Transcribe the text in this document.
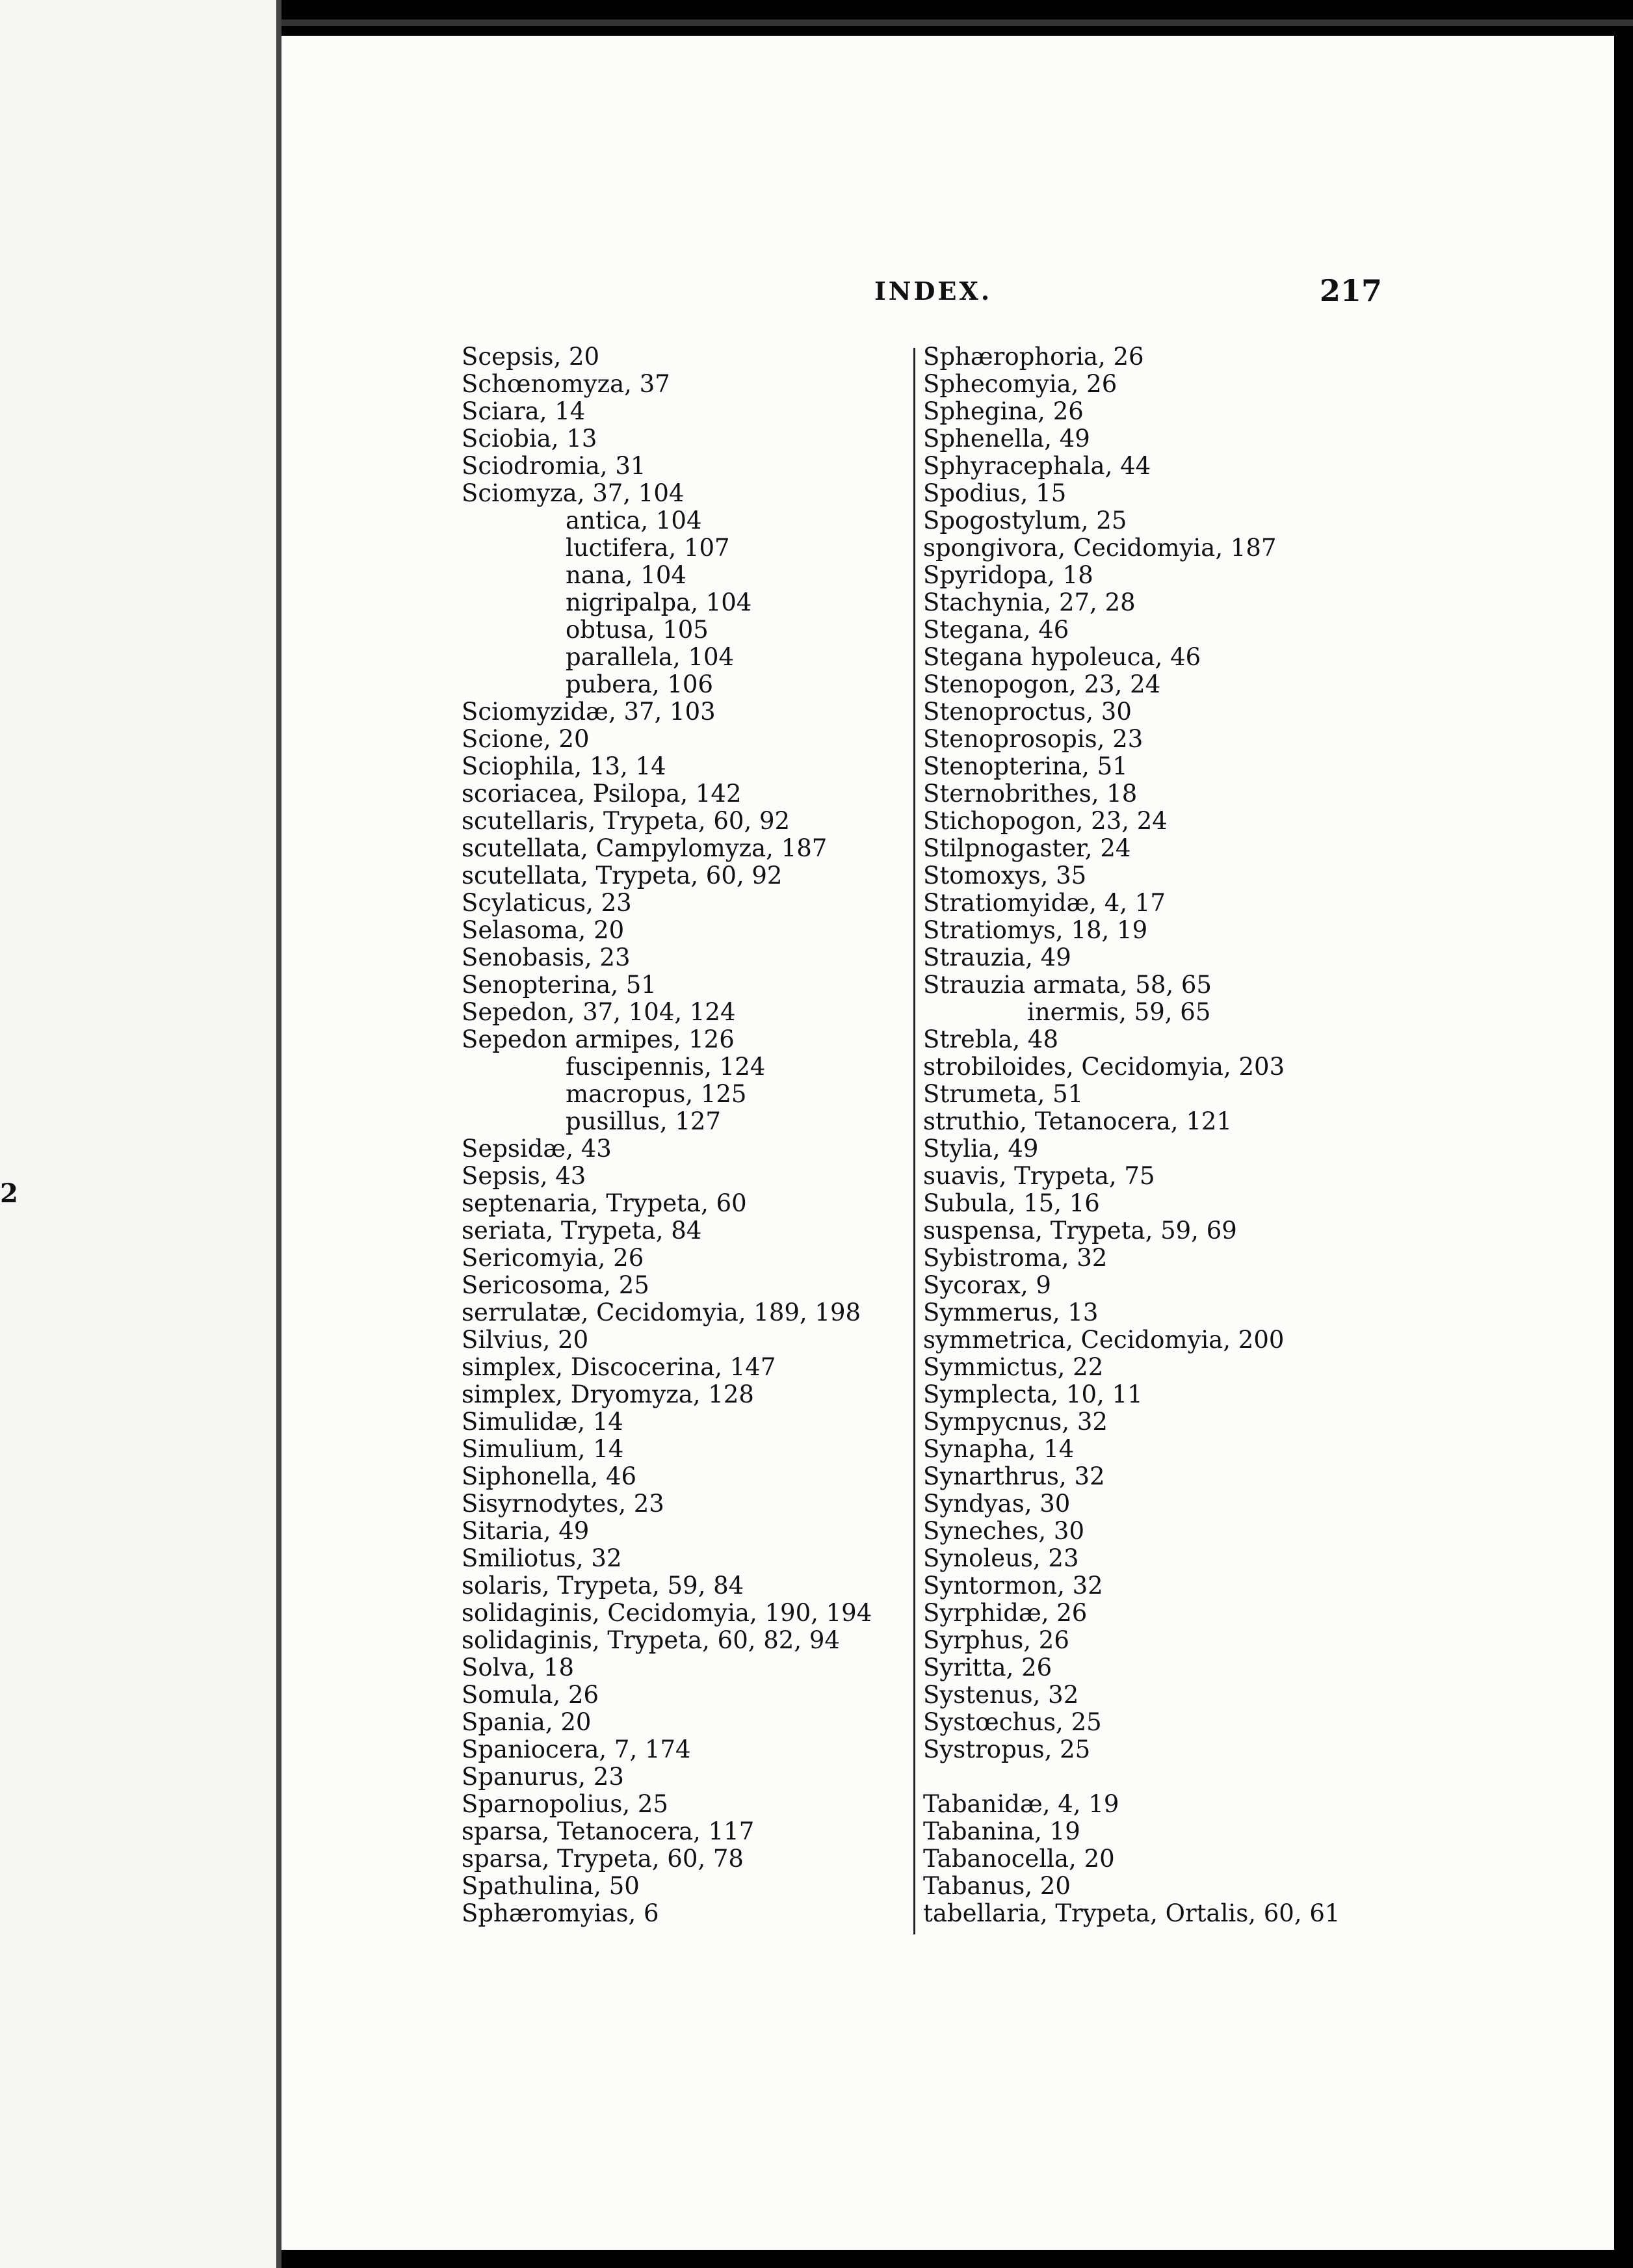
2
INDEX.	217
Scepsis, 20
Schœnomyza, 37
Sciara, 14
Sciobia, 13
Sciodromia, 31
Sciomyza, 37, 104
antica, 104
luctifera, 107
nana, 104
nigripalpa, 104
obtusa, 105
parallela, 104
pubera, 106
Sciomyzidæ, 37, 103
Scione, 20
Sciophila, 13, 14
scoriacea, Psilopa, 142
scutellaris, Trypeta, 60, 92
scutellata, Campylomyza, 187
scutellata, Trypeta, 60, 92
Scylaticus, 23
Selasoma, 20
Senobasis, 23
Senopterina, 51
Sepedon, 37, 104, 124
Sepedon armipes, 126
fuscipennis, 124
macropus, 125
pusillus, 127
Sepsidæ, 43
Sepsis, 43
septenaria, Trypeta, 60
seriata, Trypeta, 84
Sericomyia, 26
Sericosoma, 25
serrulatæ, Cecidomyia, 189, 198
Silvius, 20
simplex, Discocerina, 147
simplex, Dryomyza, 128
Simulidæ, 14
Simulium, 14
Siphonella, 46
Sisyrnodytes, 23
Sitaria, 49
Smiliotus, 32
solaris, Trypeta, 59, 84
solidaginis, Cecidomyia, 190, 194
solidaginis, Trypeta, 60, 82, 94
Solva, 18
Somula, 26
Spania, 20
Spaniocera, 7, 174
Spanurus, 23
Sparnopolius, 25
sparsa, Tetanocera, 117
sparsa, Trypeta, 60, 78
Spathulina, 50
Sphæromyias, 6
Sphærophoria, 26
Sphecomyia, 26
Sphegina, 26
Sphenella, 49
Sphyracephala, 44
Spodius, 15
Spogostylum, 25
spongivora, Cecidomyia, 187
Spyridopa, 18
Stachynia, 27, 28
Stegana, 46
Stegana hypoleuca, 46
Stenopogon, 23, 24
Stenoproctus, 30
Stenoprosopis, 23
Stenopterina, 51
Sternobrithes, 18
Stichopogon, 23, 24
Stilpnogaster, 24
Stomoxys, 35
Stratiomyidæ, 4, 17
Stratiomys, 18, 19
Strauzia, 49
Strauzia armata, 58, 65
inermis, 59, 65
Strebla, 48
strobiloides, Cecidomyia, 203
Strumeta, 51
struthio, Tetanocera, 121
Stylia, 49
suavis, Trypeta, 75
Subula, 15, 16
suspensa, Trypeta, 59, 69
Sybistroma, 32
Sycorax, 9
Symmerus, 13
symmetrica, Cecidomyia, 200
Symmictus, 22
Symplecta, 10, 11
Sympycnus, 32
Synapha, 14
Synarthrus, 32
Syndyas, 30
Syneches, 30
Synoleus, 23
Syntormon, 32
Syrphidæ, 26
Syrphus, 26
Syritta, 26
Systenus, 32
Systœchus, 25
Systropus, 25
Tabanidæ, 4, 19
Tabanina, 19
Tabanocella, 20
Tabanus, 20
tabellaria, Trypeta, Ortalis, 60, 61
